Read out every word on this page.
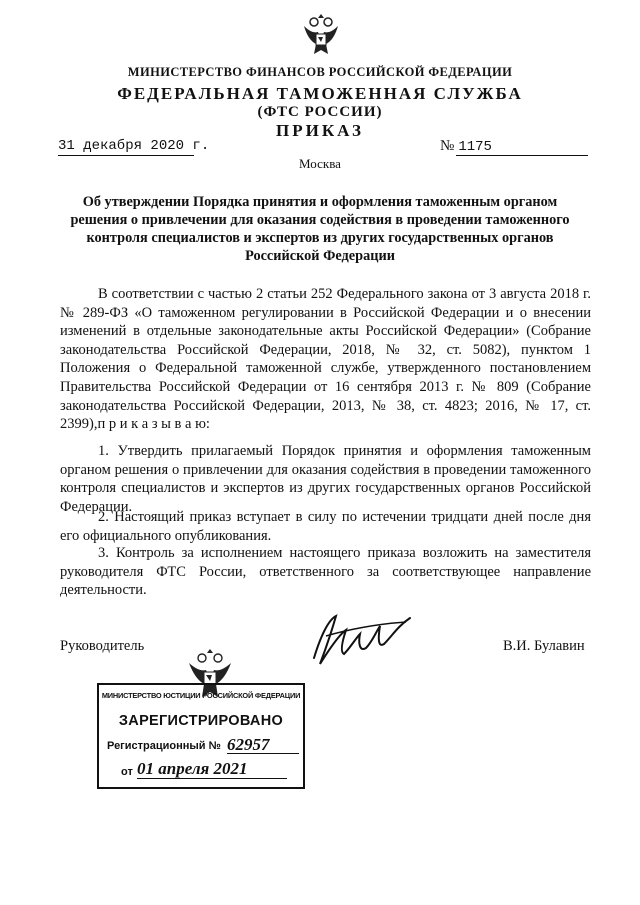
МИНИСТЕРСТВО ФИНАНСОВ РОССИЙСКОЙ ФЕДЕРАЦИИ
ФЕДЕРАЛЬНАЯ ТАМОЖЕННАЯ СЛУЖБА
(ФТС РОССИИ)
ПРИКАЗ
31 декабря 2020 г.	№ 1175
Москва
Об утверждении Порядка принятия и оформления таможенным органом решения о привлечении для оказания содействия в проведении таможенного контроля специалистов и экспертов из других государственных органов Российской Федерации
В соответствии с частью 2 статьи 252 Федерального закона от 3 августа 2018 г. № 289-ФЗ «О таможенном регулировании в Российской Федерации и о внесении изменений в отдельные законодательные акты Российской Федерации» (Собрание законодательства Российской Федерации, 2018, № 32, ст. 5082), пунктом 1 Положения о Федеральной таможенной службе, утвержденного постановлением Правительства Российской Федерации от 16 сентября 2013 г. № 809 (Собрание законодательства Российской Федерации, 2013, № 38, ст. 4823; 2016, № 17, ст. 2399),п р и к а з ы в а ю:
1. Утвердить прилагаемый Порядок принятия и оформления таможенным органом решения о привлечении для оказания содействия в проведении таможенного контроля специалистов и экспертов из других государственных органов Российской Федерации.
2. Настоящий приказ вступает в силу по истечении тридцати дней после дня его официального опубликования.
3. Контроль за исполнением настоящего приказа возложить на заместителя руководителя ФТС России, ответственного за соответствующее направление деятельности.
Руководитель	В.И. Булавин
МИНИСТЕРСТВО ЮСТИЦИИ РОССИЙСКОЙ ФЕДЕРАЦИИ
ЗАРЕГИСТРИРОВАНО
Регистрационный № 62957
от 01 апреля 2021
